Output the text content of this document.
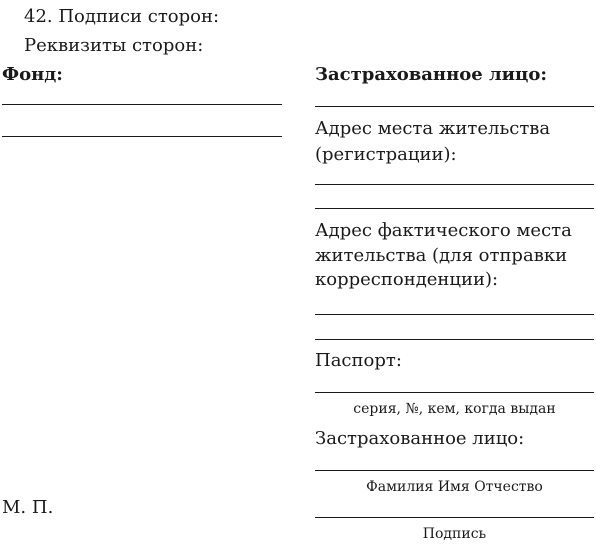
42. Подписи сторон:
Реквизиты сторон:
Фонд:
М. П.
Застрахованное лицо:
Адрес места жительства
(регистрации):
Адрес фактического места
жительства (для отправки
корреспонденции):
Паспорт:
серия, №, кем, когда выдан
Застрахованное лицо:
Фамилия Имя Отчество
Подпись
